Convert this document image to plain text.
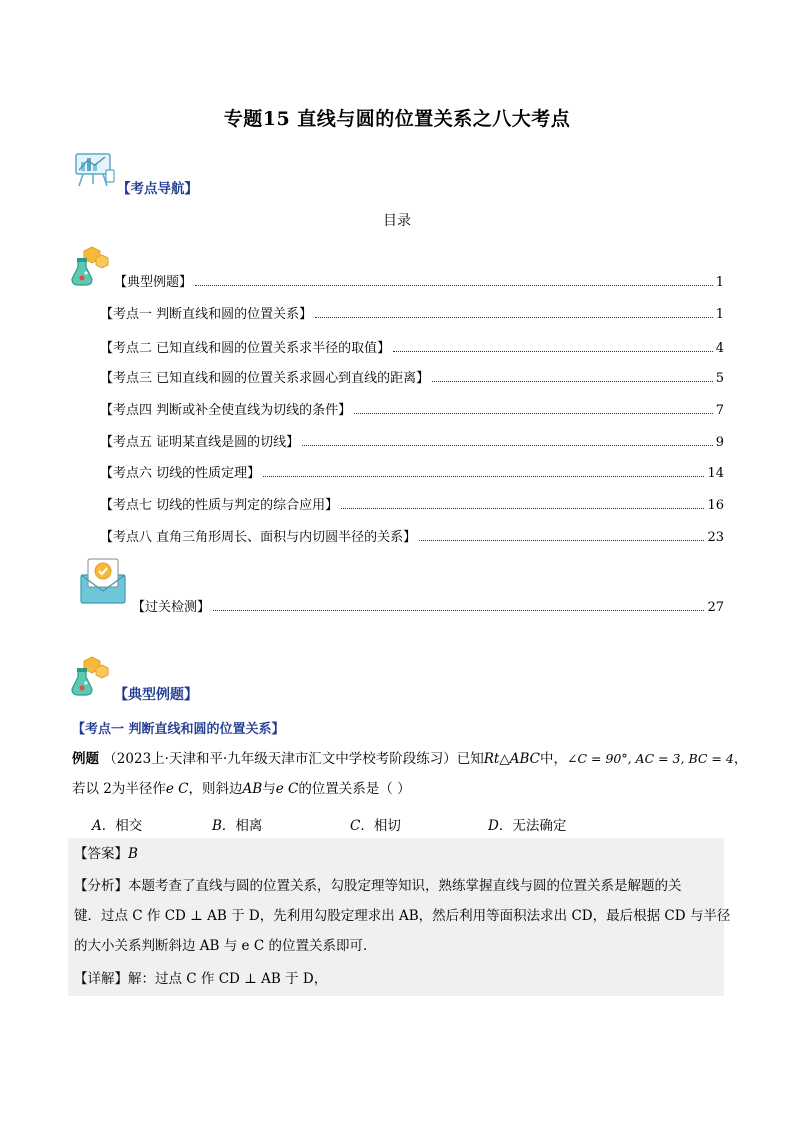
专题15 直线与圆的位置关系之八大考点
【考点导航】
目录
【典型例题】	1
【考点一 判断直线和圆的位置关系】	1
【考点二 已知直线和圆的位置关系求半径的取值】	4
【考点三 已知直线和圆的位置关系求圆心到直线的距离】	5
【考点四 判断或补全使直线为切线的条件】	7
【考点五 证明某直线是圆的切线】	9
【考点六 切线的性质定理】	14
【考点七 切线的性质与判定的综合应用】	16
【考点八 直角三角形周长、面积与内切圆半径的关系】	23
【过关检测】	27
【典型例题】
【考点一 判断直线和圆的位置关系】
例题 （2023上·天津和平·九年级天津市汇文中学校考阶段练习）已知Rt△ABC中，∠C = 90°, AC = 3, BC = 4，
若以 2为半径作e C，则斜边AB与e C的位置关系是（ ）
A．相交	B．相离	C．相切	D．无法确定
【答案】B
【分析】本题考查了直线与圆的位置关系，勾股定理等知识，熟练掌握直线与圆的位置关系是解题的关
键．过点 C 作 CD ⊥ AB 于 D，先利用勾股定理求出 AB，然后利用等面积法求出 CD，最后根据 CD 与半径
的大小关系判断斜边 AB 与 e C 的位置关系即可．
【详解】解：过点 C 作 CD ⊥ AB 于 D，
